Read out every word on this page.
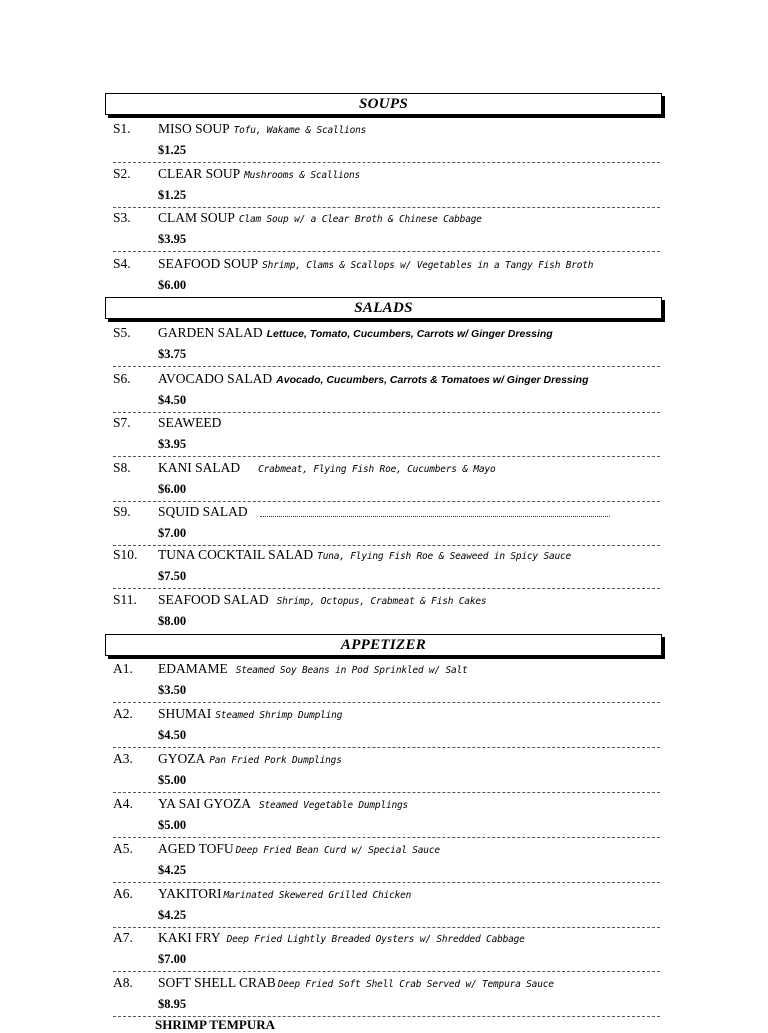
SOUPS
S1. MISO SOUP Tofu, Wakame & Scallions
$1.25
S2. CLEAR SOUP Mushrooms & Scallions
$1.25
S3. CLAM SOUP Clam Soup w/ a Clear Broth & Chinese Cabbage
$3.95
S4. SEAFOOD SOUP Shrimp, Clams & Scallops w/ Vegetables in a Tangy Fish Broth
$6.00
SALADS
S5. GARDEN SALAD Lettuce, Tomato, Cucumbers, Carrots w/ Ginger Dressing
$3.75
S6. AVOCADO SALAD Avocado, Cucumbers, Carrots & Tomatoes w/ Ginger Dressing
$4.50
S7. SEAWEED
$3.95
S8. KANI SALAD Crabmeat, Flying Fish Roe, Cucumbers & Mayo
$6.00
S9. SQUID SALAD
$7.00
S10. TUNA COCKTAIL SALAD Tuna, Flying Fish Roe & Seaweed in Spicy Sauce
$7.50
S11. SEAFOOD SALAD Shrimp, Octopus, Crabmeat & Fish Cakes
$8.00
APPETIZER
A1. EDAMAME Steamed Soy Beans in Pod Sprinkled w/ Salt
$3.50
A2. SHUMAI Steamed Shrimp Dumpling
$4.50
A3. GYOZA Pan Fried Pork Dumplings
$5.00
A4. YA SAI GYOZA Steamed Vegetable Dumplings
$5.00
A5. AGED TOFU Deep Fried Bean Curd w/ Special Sauce
$4.25
A6. YAKITORI Marinated Skewered Grilled Chicken
$4.25
A7. KAKI FRY Deep Fried Lightly Breaded Oysters w/ Shredded Cabbage
$7.00
A8. SOFT SHELL CRAB Deep Fried Soft Shell Crab Served w/ Tempura Sauce
$8.95
SHRIMP TEMPURA
